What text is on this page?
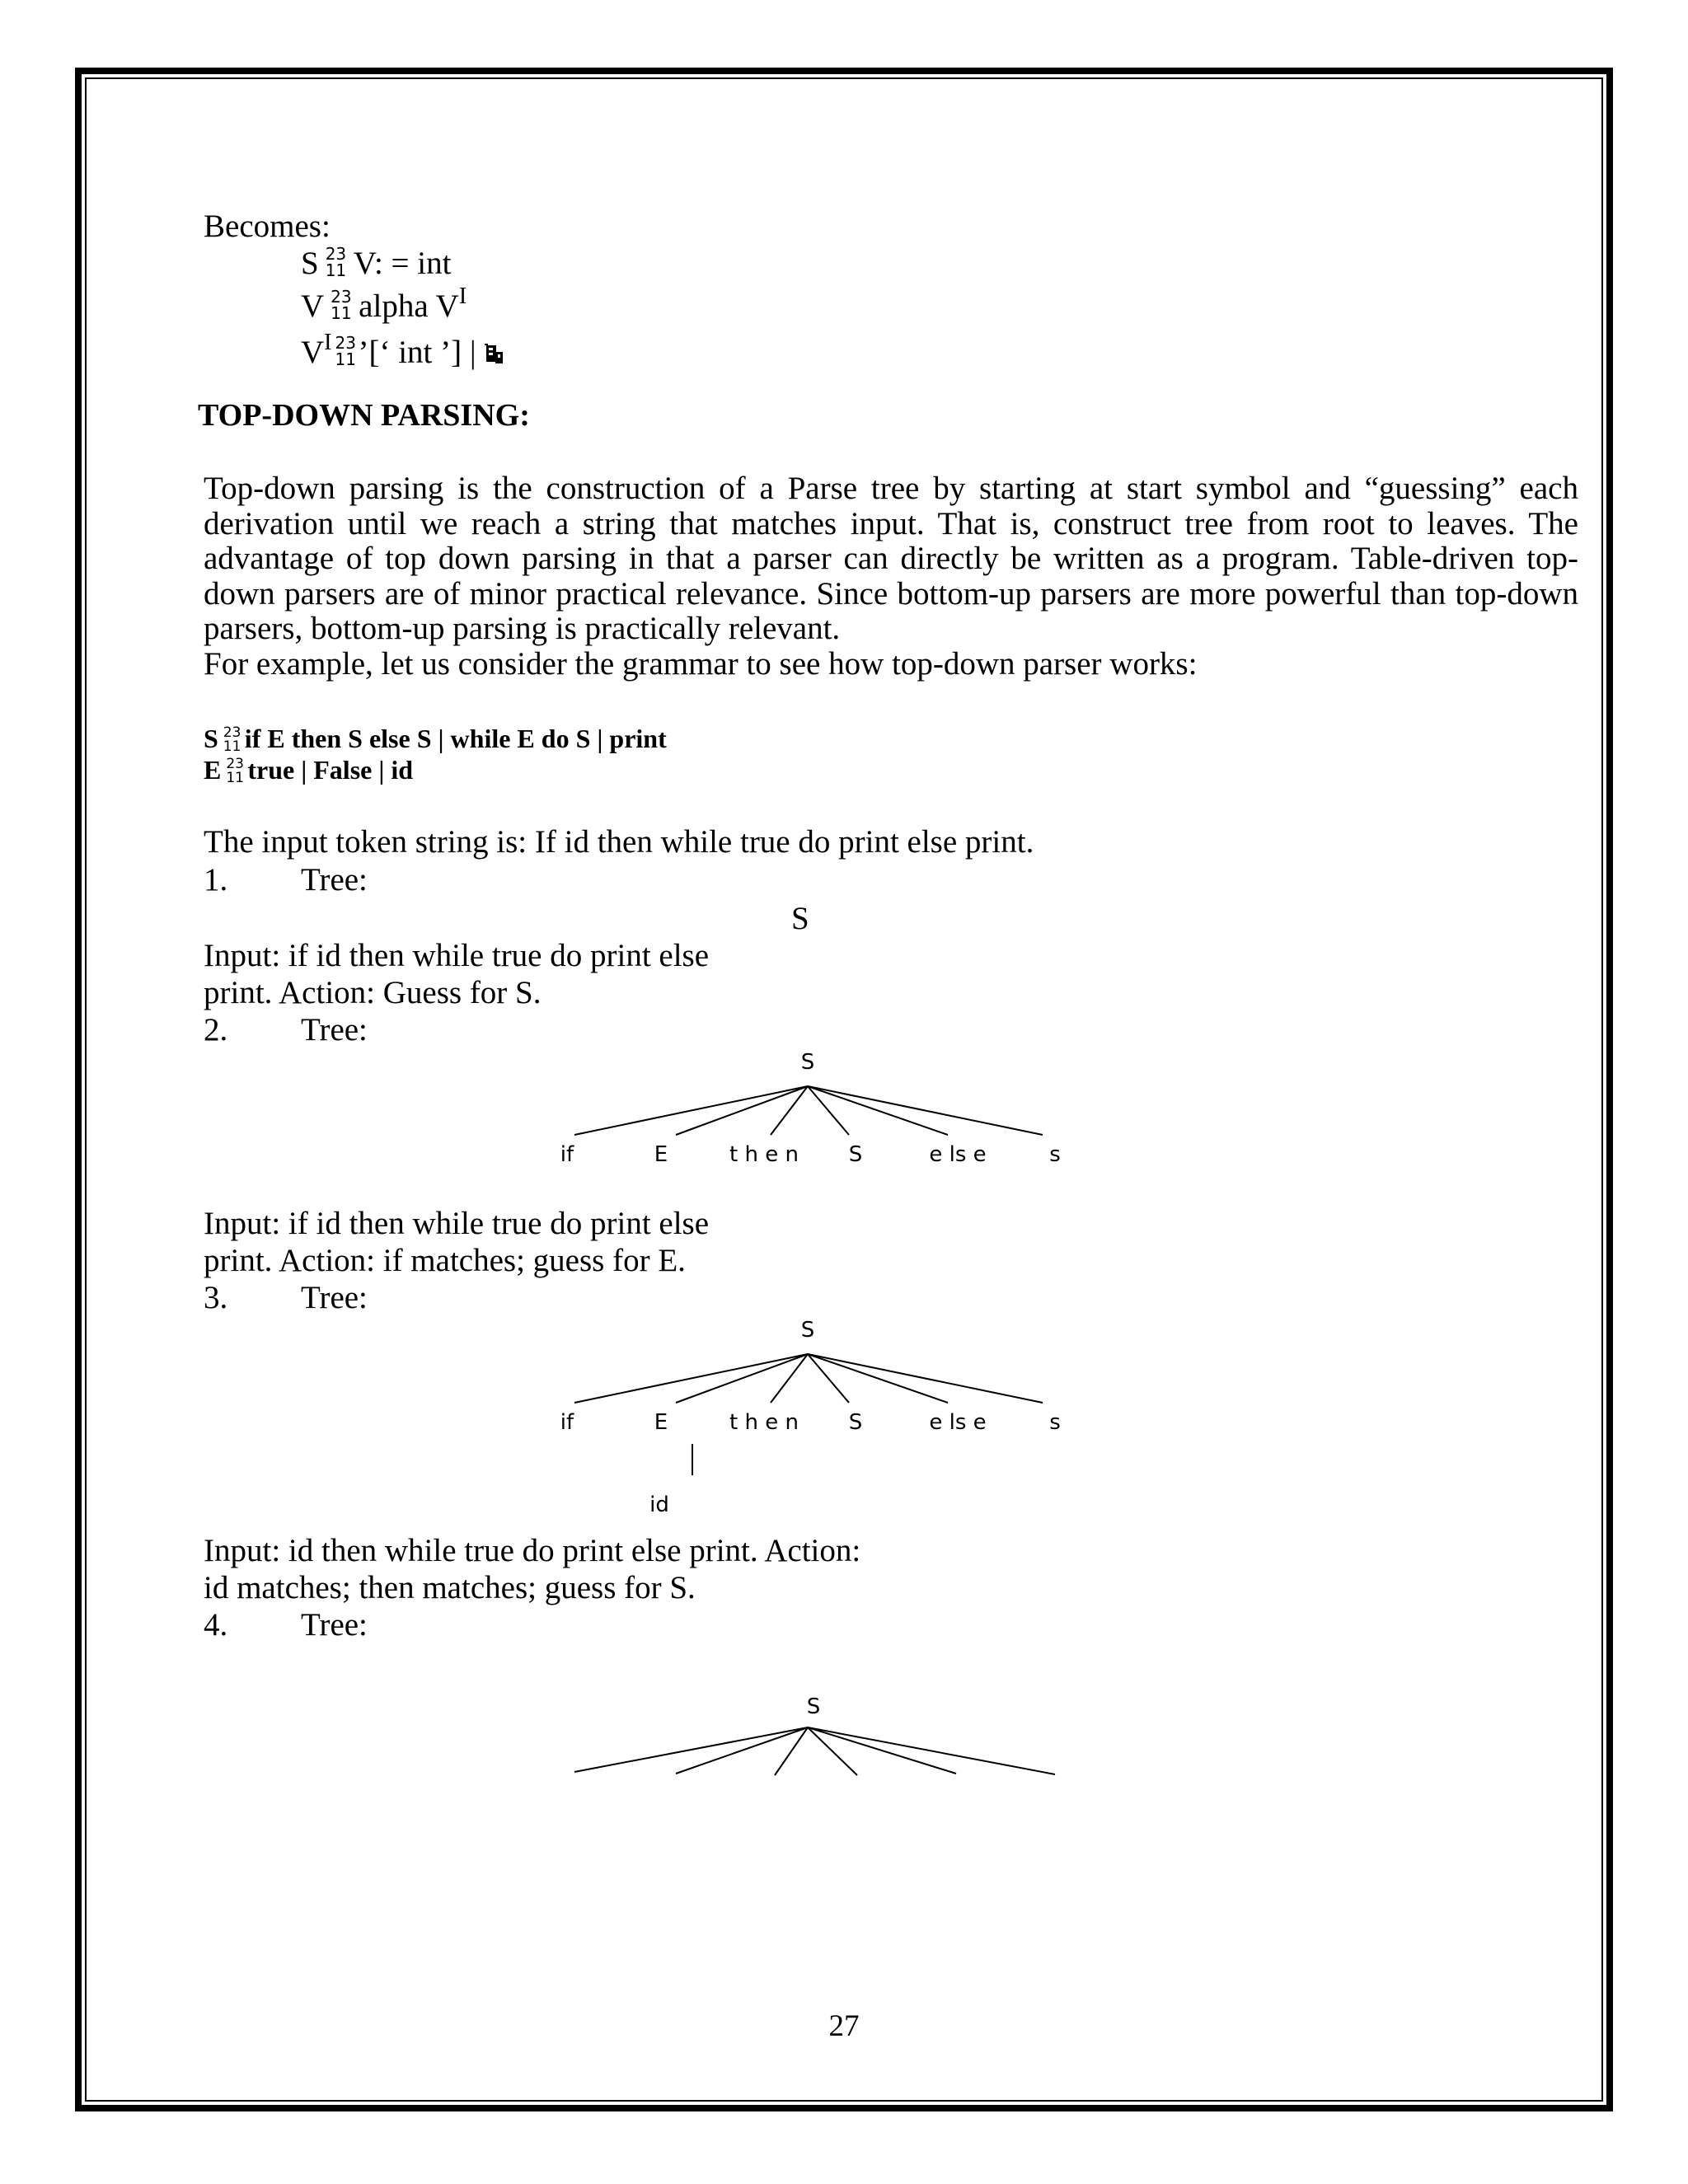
Becomes:
S 23
11 V: = int
V 23
11 alpha $V^I$
$V^I$ 23
11 ’[‘ int ’] |
TOP-DOWN PARSING:
Top-down parsing is the construction of a Parse tree by starting at start symbol and “guessing” each derivation until we reach a string that matches input. That is, construct tree from root to leaves. The advantage of top down parsing in that a parser can directly be written as a program. Table-driven top-down parsers are of minor practical relevance. Since bottom-up parsers are more powerful than top-down parsers, bottom-up parsing is practically relevant.
For example, let us consider the grammar to see how top-down parser works:
S 23
11 if E then S else S | while E do S | print
E 23
11 true | False | id
The input token string is: If id then while true do print else print.
1. Tree:
S
Input: if id then while true do print else
print. Action: Guess for S.
2. Tree:
Input: if id then while true do print else
print. Action: if matches; guess for E.
3. Tree:
Input: id then while true do print else print. Action:
id matches; then matches; guess for S.
4. Tree:
S
if	E	t h e n S	e ls e	s
S
if	E	t h e n S	e ls e	s
id
S
27
